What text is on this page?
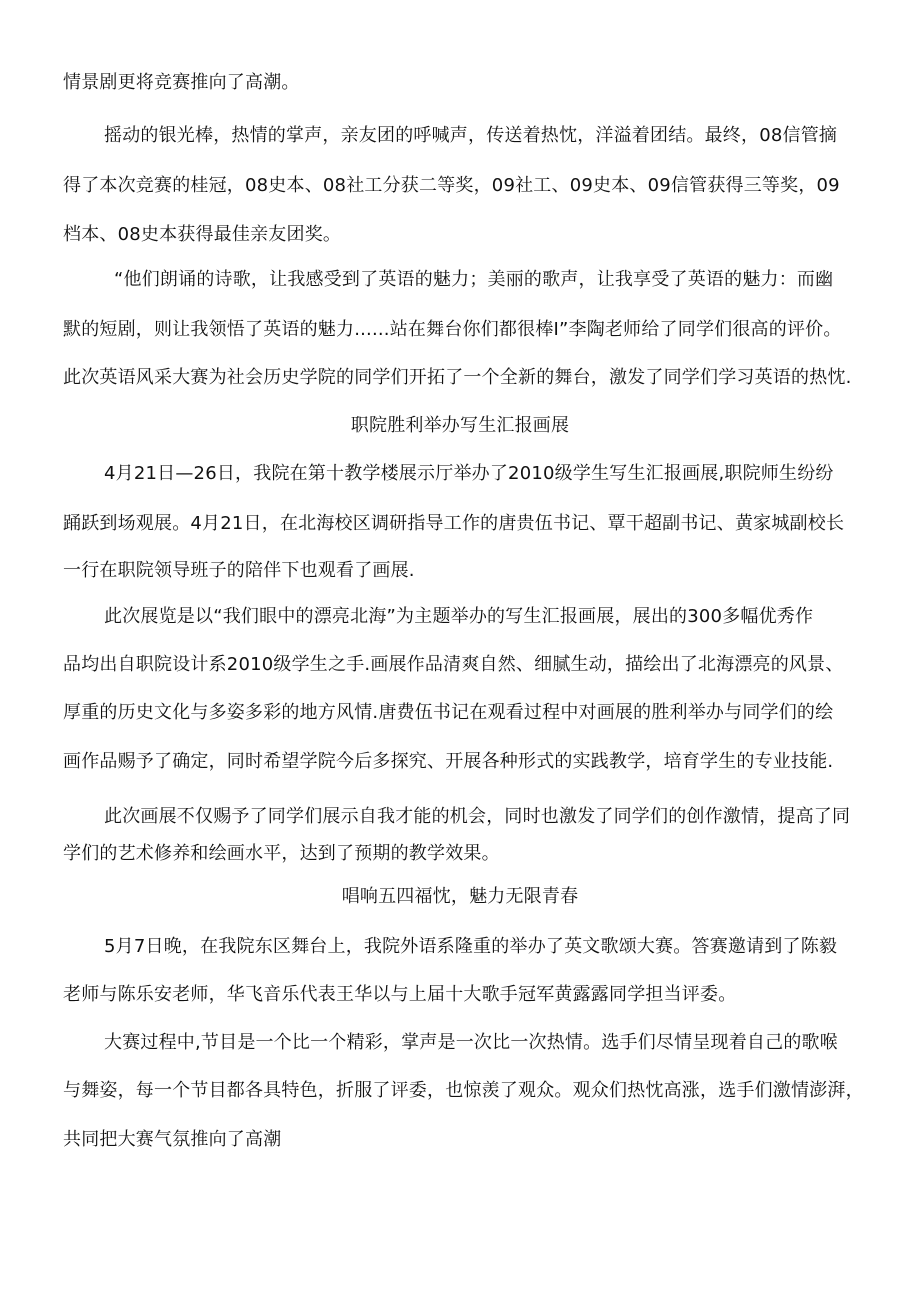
情景剧更将竞赛推向了高潮。
摇动的银光棒，热情的掌声，亲友团的呼喊声，传送着热忱，洋溢着团结。最终，08信管摘
得了本次竞赛的桂冠，08史本、08社工分获二等奖，09社工、09史本、09信管获得三等奖，09
档本、08史本获得最佳亲友团奖。
“他们朗诵的诗歌，让我感受到了英语的魅力；美丽的歌声，让我享受了英语的魅力：而幽
默的短剧，则让我领悟了英语的魅力......站在舞台你们都很棒I”李陶老师给了同学们很高的评价。
此次英语风采大赛为社会历史学院的同学们开拓了一个全新的舞台，激发了同学们学习英语的热忱.
职院胜利举办写生汇报画展
4月21日—26日，我院在第十教学楼展示厅举办了2010级学生写生汇报画展,职院师生纷纷
踊跃到场观展。4月21日，在北海校区调研指导工作的唐贵伍书记、覃干超副书记、黄家城副校长
一行在职院领导班子的陪伴下也观看了画展.
此次展览是以“我们眼中的漂亮北海”为主题举办的写生汇报画展，展出的300多幅优秀作
品均出自职院设计系2010级学生之手.画展作品清爽自然、细腻生动，描绘出了北海漂亮的风景、
厚重的历史文化与多姿多彩的地方风情.唐费伍书记在观看过程中对画展的胜利举办与同学们的绘
画作品赐予了确定，同时希望学院今后多探究、开展各种形式的实践教学，培育学生的专业技能.
此次画展不仅赐予了同学们展示自我才能的机会，同时也激发了同学们的创作激情，提高了同
学们的艺术修养和绘画水平，达到了预期的教学效果。
唱响五四福忱，魅力无限青春
5月7日晚，在我院东区舞台上，我院外语系隆重的举办了英文歌颂大赛。答赛邀请到了陈毅
老师与陈乐安老师，华飞音乐代表王华以与上届十大歌手冠军黄露露同学担当评委。
大赛过程中,节目是一个比一个精彩，掌声是一次比一次热情。选手们尽情呈现着自己的歌喉
与舞姿，每一个节目都各具特色，折服了评委，也惊羡了观众。观众们热忱高涨，选手们激情澎湃，
共同把大赛气氛推向了高潮
